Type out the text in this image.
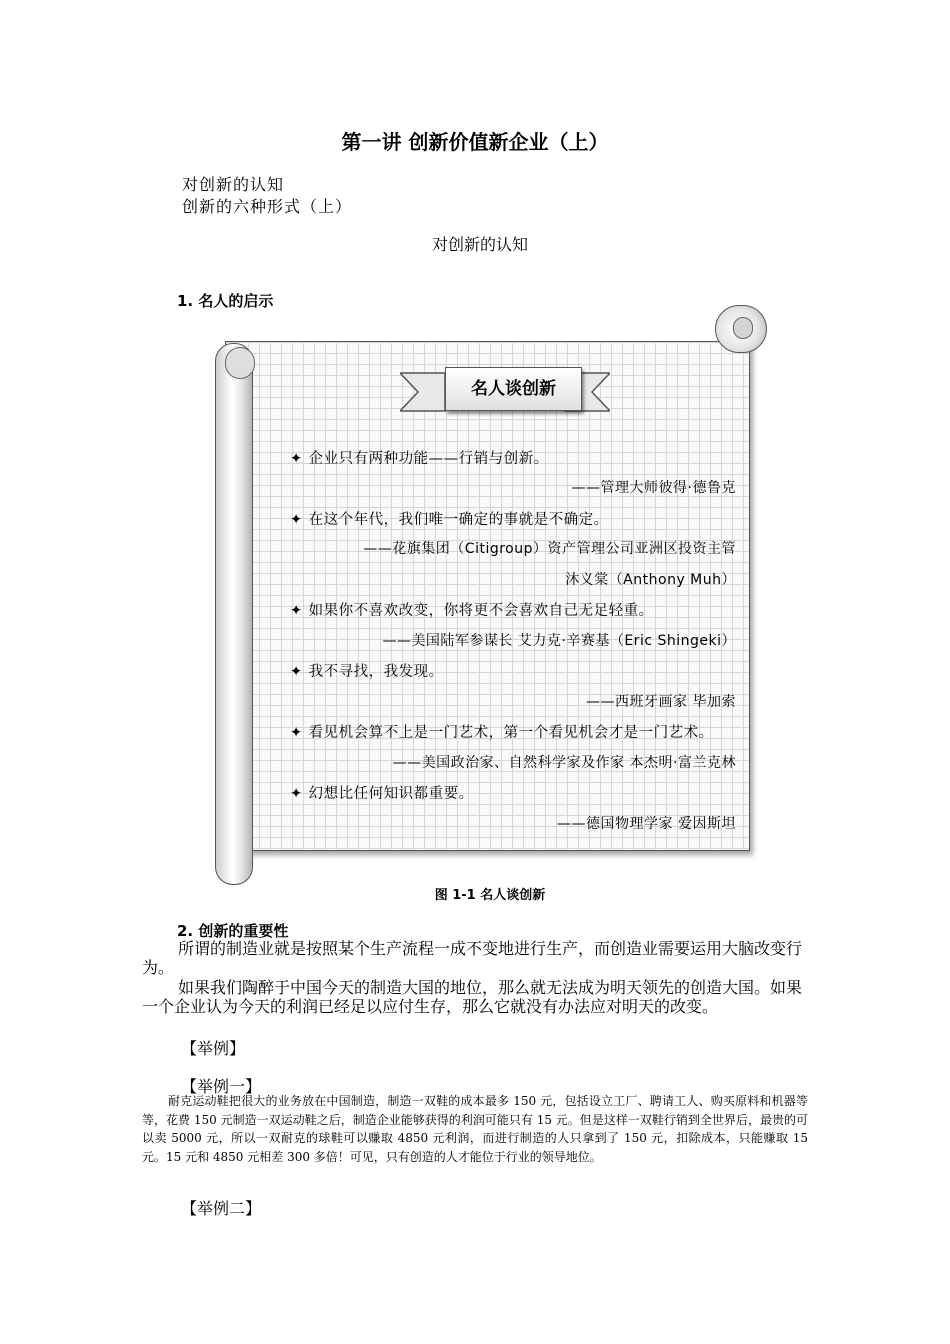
第一讲 创新价值新企业（上）
对创新的认知
创新的六种形式（上）
对创新的认知
1. 名人的启示
名人谈创新
✦ 企业只有两种功能——行销与创新。
——管理大师彼得·德鲁克
✦ 在这个年代，我们唯一确定的事就是不确定。
——花旗集团（Citigroup）资产管理公司亚洲区投资主管
沐义棠（Anthony Muh）
✦ 如果你不喜欢改变，你将更不会喜欢自己无足轻重。
——美国陆军参谋长 艾力克·辛赛基（Eric Shingeki）
✦ 我不寻找，我发现。
——西班牙画家 毕加索
✦ 看见机会算不上是一门艺术，第一个看见机会才是一门艺术。
——美国政治家、自然科学家及作家 本杰明·富兰克林
✦ 幻想比任何知识都重要。
——德国物理学家 爱因斯坦
图 1-1 名人谈创新
2. 创新的重要性
所谓的制造业就是按照某个生产流程一成不变地进行生产，而创造业需要运用大脑改变行为。
如果我们陶醉于中国今天的制造大国的地位，那么就无法成为明天领先的创造大国。如果一个企业认为今天的利润已经足以应付生存，那么它就没有办法应对明天的改变。
【举例】
【举例一】
耐克运动鞋把很大的业务放在中国制造，制造一双鞋的成本最多 150 元，包括设立工厂、聘请工人、购买原料和机器等等，花费 150 元制造一双运动鞋之后，制造企业能够获得的利润可能只有 15 元。但是这样一双鞋行销到全世界后，最贵的可以卖 5000 元，所以一双耐克的球鞋可以赚取 4850 元利润，而进行制造的人只拿到了 150 元，扣除成本，只能赚取 15 元。15 元和 4850 元相差 300 多倍！可见，只有创造的人才能位于行业的领导地位。
【举例二】
